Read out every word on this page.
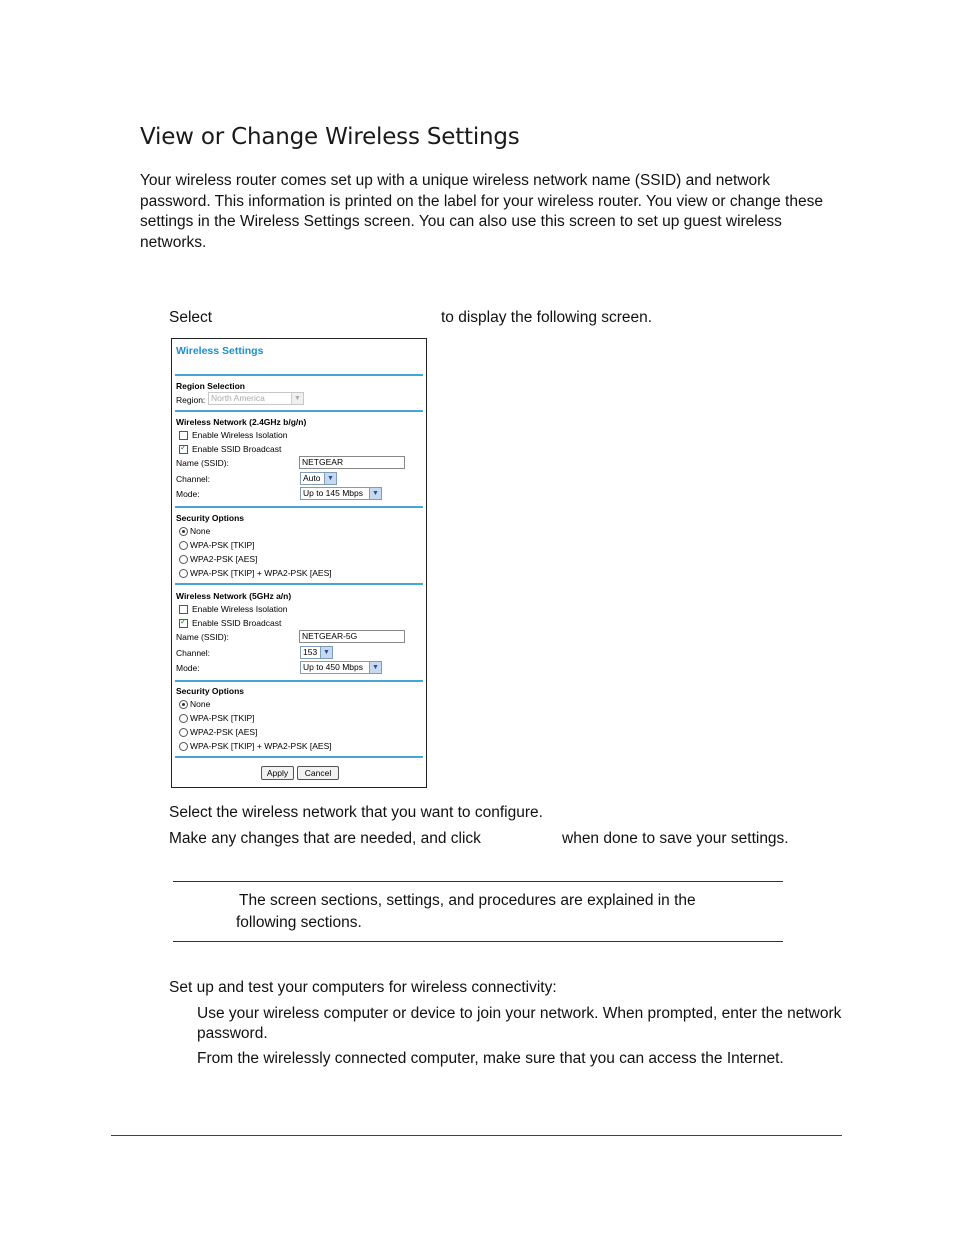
View or Change Wireless Settings

Your wireless router comes set up with a unique wireless network name (SSID) and network password. This information is printed on the label for your wireless router. You view or change these settings in the Wireless Settings screen. You can also use this screen to set up guest wireless networks.

Select	to display the following screen.
Wireless Settings
Region Selection
Region: North America	▼
Wireless Network (2.4GHz b/g/n)
Enable Wireless Isolation
✓
Enable SSID Broadcast
Name (SSID):	NETGEAR
Channel:	Auto ▼
Mode:	Up to 145 Mbps	▼
Security Options
None
WPA-PSK [TKIP]
WPA2-PSK [AES]
WPA-PSK [TKIP] + WPA2-PSK [AES]
Wireless Network (5GHz a/n)
Enable Wireless Isolation
✓
Enable SSID Broadcast
Name (SSID):	NETGEAR-5G
Channel:	153 ▼
Mode:	Up to 450 Mbps	▼
Security Options
None
WPA-PSK [TKIP]
WPA2-PSK [AES]
WPA-PSK [TKIP] + WPA2-PSK [AES]
Apply	Cancel
Select the wireless network that you want to configure.
Make any changes that are needed, and click	when done to save your settings.
The screen sections, settings, and procedures are explained in the
following sections.
Set up and test your computers for wireless connectivity:
Use your wireless computer or device to join your network. When prompted, enter the network password.
From the wirelessly connected computer, make sure that you can access the Internet.
